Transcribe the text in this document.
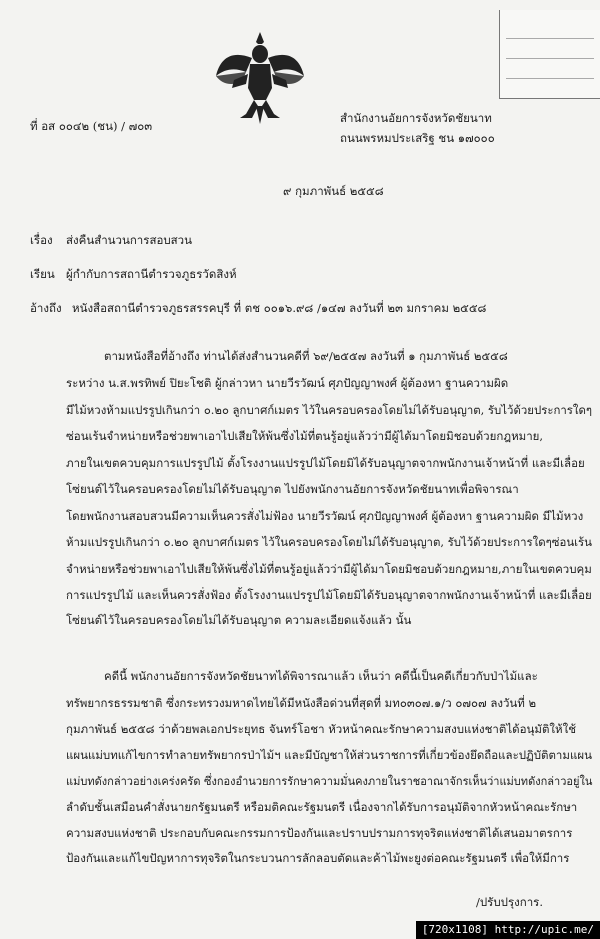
ที่ อส ๐๐๔๒ (ชน) / ๗๐๓
สำนักงานอัยการจังหวัดชัยนาท
ถนนพรหมประเสริฐ ชน ๑๗๐๐๐
๙ กุมภาพันธ์ ๒๕๕๘
เรื่อง ส่งคืนสำนวนการสอบสวน
เรียน ผู้กำกับการสถานีตำรวจภูธรวัดสิงห์
อ้างถึง หนังสือสถานีตำรวจภูธรสรรคบุรี ที่ ตช ๐๐๑๖.๙๘ /๑๔๗ ลงวันที่ ๒๓ มกราคม ๒๕๕๘
ตามหนังสือที่อ้างถึง ท่านได้ส่งสำนวนคดีที่ ๖๙/๒๕๕๗ ลงวันที่ ๑ กุมภาพันธ์ ๒๕๕๘
ระหว่าง น.ส.พรทิพย์ ปิยะโชติ ผู้กล่าวหา นายวีรวัฒน์ ศุภปัญญาพงศ์ ผู้ต้องหา ฐานความผิด
มีไม้หวงห้ามแปรรูปเกินกว่า ๐.๒๐ ลูกบาศก์เมตร ไว้ในครอบครองโดยไม่ได้รับอนุญาต, รับไว้ด้วยประการใดๆ
ซ่อนเร้นจำหน่ายหรือช่วยพาเอาไปเสียให้พ้นซึ่งไม้ที่ตนรู้อยู่แล้วว่ามีผู้ได้มาโดยมิชอบด้วยกฎหมาย,
ภายในเขตควบคุมการแปรรูปไม้ ตั้งโรงงานแปรรูปไม้โดยมิได้รับอนุญาตจากพนักงานเจ้าหน้าที่ และมีเลื่อย
โซ่ยนต์ไว้ในครอบครองโดยไม่ได้รับอนุญาต ไปยังพนักงานอัยการจังหวัดชัยนาทเพื่อพิจารณา
โดยพนักงานสอบสวนมีความเห็นควรสั่งไม่ฟ้อง นายวีรวัฒน์ ศุภปัญญาพงศ์ ผู้ต้องหา ฐานความผิด มีไม้หวง
ห้ามแปรรูปเกินกว่า ๐.๒๐ ลูกบาศก์เมตร ไว้ในครอบครองโดยไม่ได้รับอนุญาต, รับไว้ด้วยประการใดๆซ่อนเร้น
จำหน่ายหรือช่วยพาเอาไปเสียให้พ้นซึ่งไม้ที่ตนรู้อยู่แล้วว่ามีผู้ได้มาโดยมิชอบด้วยกฎหมาย,ภายในเขตควบคุม
การแปรรูปไม้ และเห็นควรสั่งฟ้อง ตั้งโรงงานแปรรูปไม้โดยมิได้รับอนุญาตจากพนักงานเจ้าหน้าที่ และมีเลื่อย
โซ่ยนต์ไว้ในครอบครองโดยไม่ได้รับอนุญาต ความละเอียดแจ้งแล้ว นั้น
คดีนี้ พนักงานอัยการจังหวัดชัยนาทได้พิจารณาแล้ว เห็นว่า คดีนี้เป็นคดีเกี่ยวกับป่าไม้และ
ทรัพยากรธรรมชาติ ซึ่งกระทรวงมหาดไทยได้มีหนังสือด่วนที่สุดที่ มท๐๓๐๗.๑/ว ๐๗๐๗ ลงวันที่ ๒
กุมภาพันธ์ ๒๕๕๘ ว่าด้วยพลเอกประยุทธ จันทร์โอชา หัวหน้าคณะรักษาความสงบแห่งชาติได้อนุมัติให้ใช้
แผนแม่บทแก้ไขการทำลายทรัพยากรป่าไม้ฯ และมีบัญชาให้ส่วนราชการที่เกี่ยวข้องยึดถือและปฏิบัติตามแผน
แม่บทดังกล่าวอย่างเคร่งครัด ซึ่งกองอำนวยการรักษาความมั่นคงภายในราชอาณาจักรเห็นว่าแม่บทดังกล่าวอยู่ใน
ลำดับชั้นเสมือนคำสั่งนายกรัฐมนตรี หรือมติคณะรัฐมนตรี เนื่องจากได้รับการอนุมัติจากหัวหน้าคณะรักษา
ความสงบแห่งชาติ ประกอบกับคณะกรรมการป้องกันและปราบปรามการทุจริตแห่งชาติได้เสนอมาตรการ
ป้องกันและแก้ไขปัญหาการทุจริตในกระบวนการลักลอบตัดและค้าไม้พะยูงต่อคณะรัฐมนตรี เพื่อให้มีการ
/ปรับปรุงการ.
[720x1108] http://upic.me/
